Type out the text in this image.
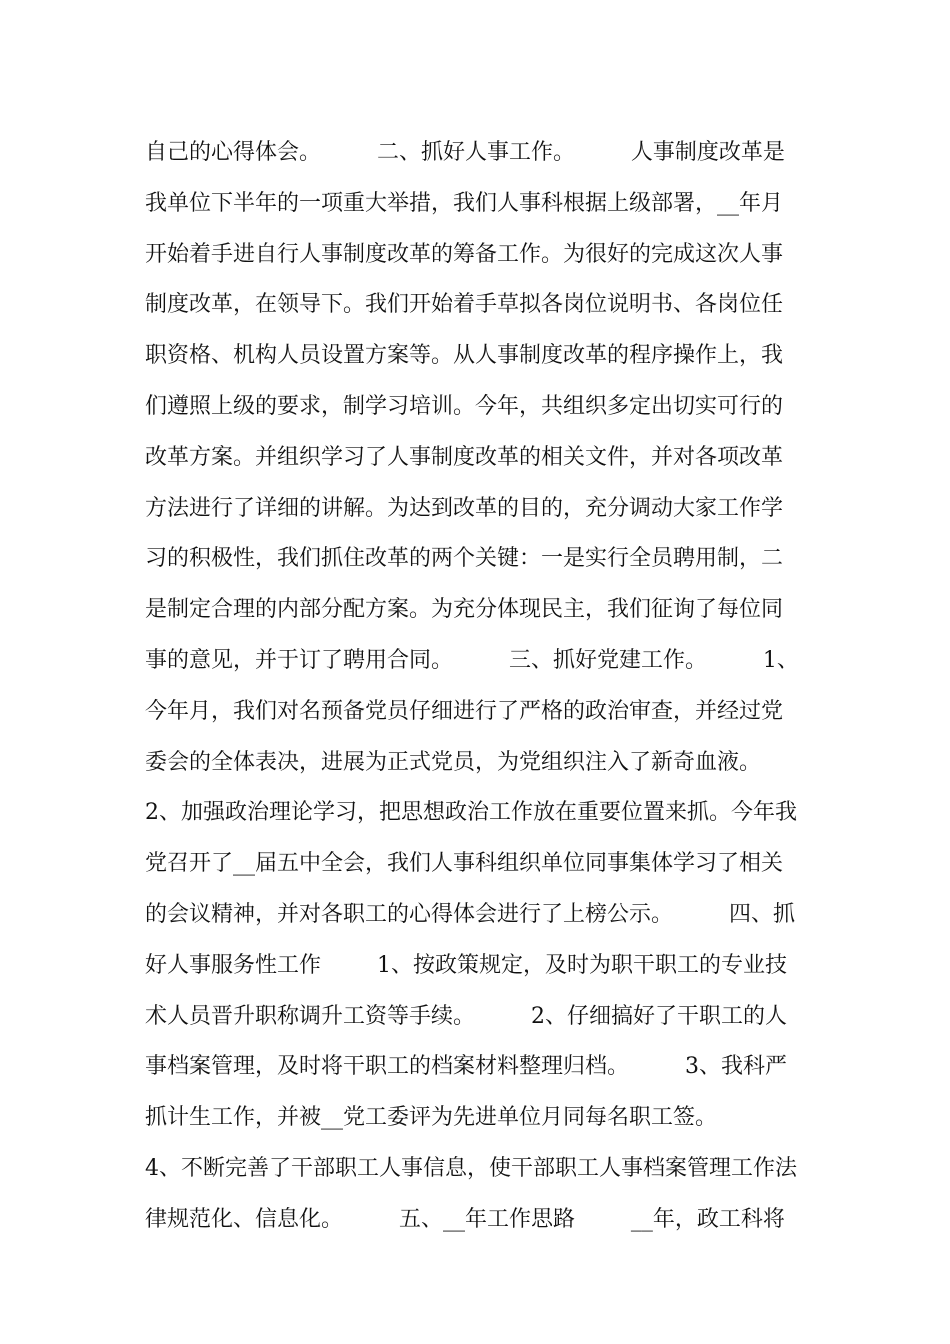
自己的心得体会。        二、抓好人事工作。        人事制度改革是
我单位下半年的一项重大举措，我们人事科根据上级部署，__年月
开始着手进自行人事制度改革的筹备工作。为很好的完成这次人事
制度改革，在领导下。我们开始着手草拟各岗位说明书、各岗位任
职资格、机构人员设置方案等。从人事制度改革的程序操作上，我
们遵照上级的要求，制学习培训。今年，共组织多定出切实可行的
改革方案。并组织学习了人事制度改革的相关文件，并对各项改革
方法进行了详细的讲解。为达到改革的目的，充分调动大家工作学
习的积极性，我们抓住改革的两个关键：一是实行全员聘用制，二
是制定合理的内部分配方案。为充分体现民主，我们征询了每位同
事的意见，并于订了聘用合同。        三、抓好党建工作。        1、
今年月，我们对名预备党员仔细进行了严格的政治审查，并经过党
委会的全体表决，进展为正式党员，为党组织注入了新奇血液。
2、加强政治理论学习，把思想政治工作放在重要位置来抓。今年我
党召开了__届五中全会，我们人事科组织单位同事集体学习了相关
的会议精神，并对各职工的心得体会进行了上榜公示。        四、抓
好人事服务性工作        1、按政策规定，及时为职干职工的专业技
术人员晋升职称调升工资等手续。        2、仔细搞好了干职工的人
事档案管理，及时将干职工的档案材料整理归档。        3、我科严
抓计生工作，并被__党工委评为先进单位月同每名职工签。
4、不断完善了干部职工人事信息，使干部职工人事档案管理工作法
律规范化、信息化。        五、__年工作思路        __年，政工科将
